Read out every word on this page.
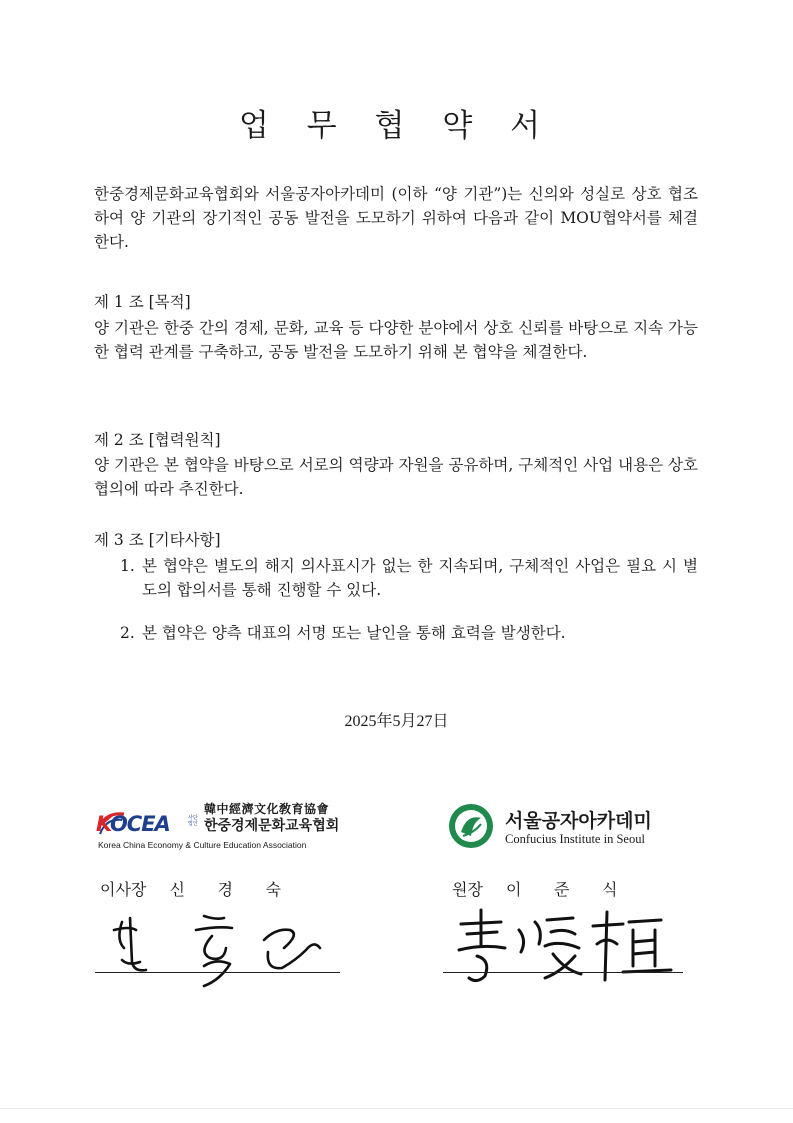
업 무 협 약 서
한중경제문화교육협회와 서울공자아카데미 (이하 “양 기관”)는 신의와 성실로 상호 협조하여 양 기관의 장기적인 공동 발전을 도모하기 위하여 다음과 같이 MOU협약서를 체결한다.
제 1 조 [목적]
양 기관은 한중 간의 경제, 문화, 교육 등 다양한 분야에서 상호 신뢰를 바탕으로 지속 가능한 협력 관계를 구축하고, 공동 발전을 도모하기 위해 본 협약을 체결한다.
제 2 조 [협력원칙]
양 기관은 본 협약을 바탕으로 서로의 역량과 자원을 공유하며, 구체적인 사업 내용은 상호 협의에 따라 추진한다.
제 3 조 [기타사항]
1. 본 협약은 별도의 해지 의사표시가 없는 한 지속되며, 구체적인 사업은 필요 시 별도의 합의서를 통해 진행할 수 있다.
2. 본 협약은 양측 대표의 서명 또는 날인을 통해 효력을 발생한다.
2025年5月27日
韓中經濟文化敎育協會
KOCEA	사단법인 한중경제문화교육협회
Korea China Economy & Culture Education Association
서울공자아카데미
Confucius Institute in Seoul
이사장 신 경 숙	원장 이 준 식
